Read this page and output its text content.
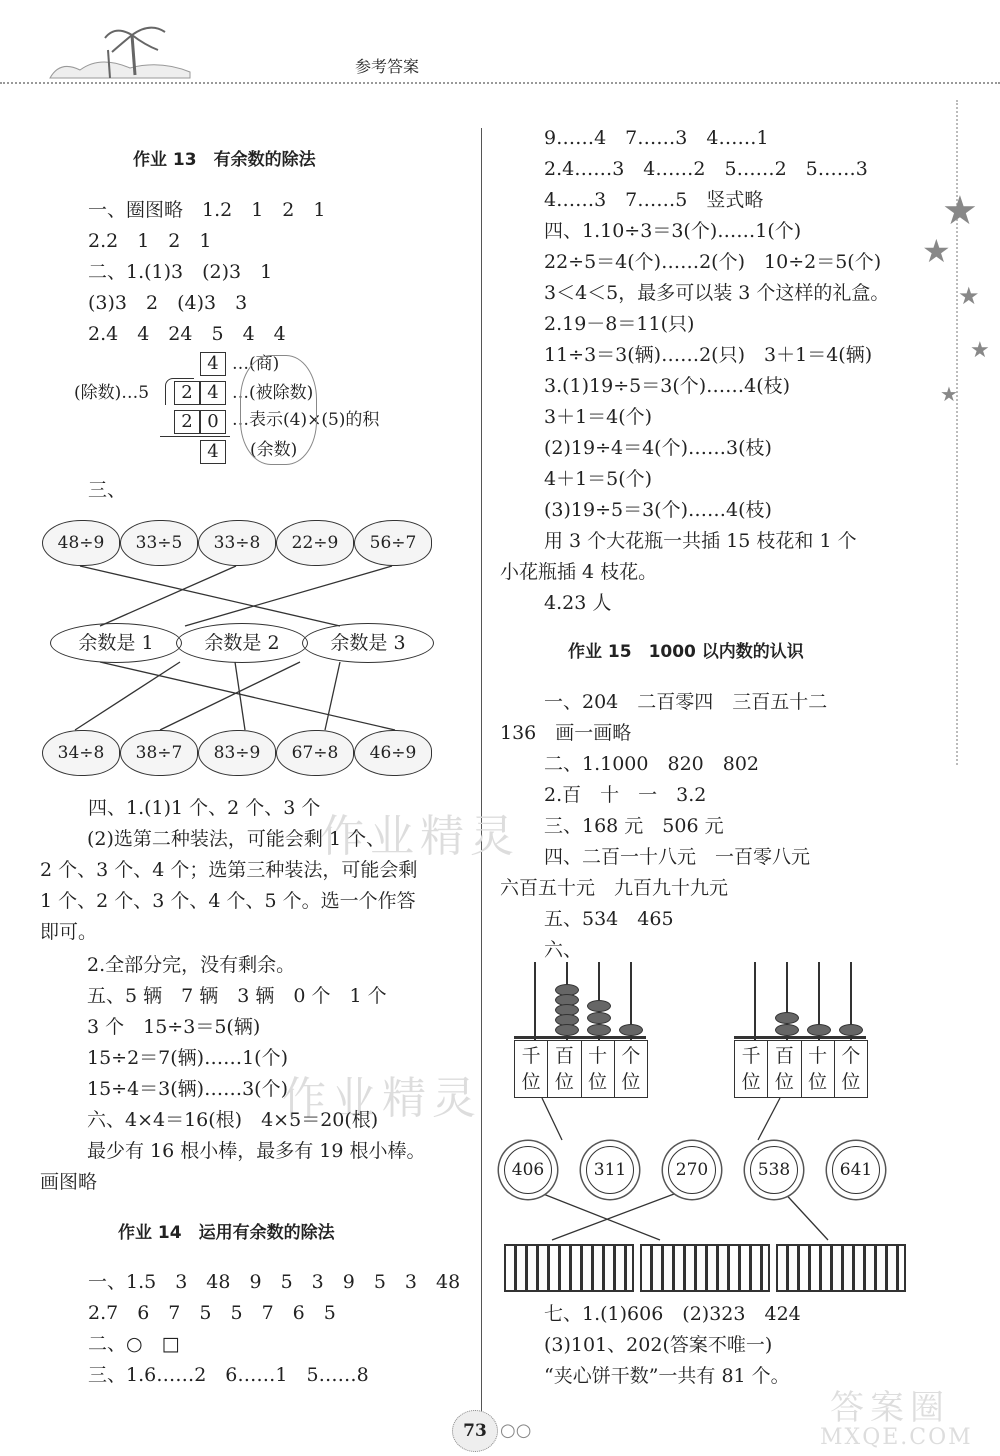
参考答案
★
★
★
★
★
作业精灵
作业精灵
答案圈
MXQE.COM
作业 13　有余数的除法
一、圈图略　1.2　1　2　1
2.2　1　2　1
二、1.(1)3　(2)3　1
(3)3　2　(4)3　3
2.4　4　24　5　4　4
4 …(商)
(除数)…5	2 4 …(被除数)
2 0 …表示(4)×(5)的积
4	(余数)
三、
48÷9	33÷5	33÷8	22÷9	56÷7
余数是 1	余数是 2	余数是 3
34÷8	38÷7	83÷9	67÷8	46÷9
四、1.(1)1 个、2 个、3 个
　(2)选第二种装法，可能会剩 1 个、
2 个、3 个、4 个；选第三种装法，可能会剩
1 个、2 个、3 个、4 个、5 个。选一个作答
即可。
　2.全部分完，没有剩余。
　五、5 辆　7 辆　3 辆　0 个　1 个
　3 个　15÷3＝5(辆)
　15÷2＝7(辆)……1(个)
　15÷4＝3(辆)……3(个)
　六、4×4＝16(根)　4×5＝20(根)
　最少有 16 根小棒，最多有 19 根小棒。
画图略
作业 14　运用有余数的除法
一、1.5　3　48　9　5　3　9　5　3　48
2.7　6　7　5　5　7　6　5
二、○　□
三、1.6……2　6……1　5……8
9……4　7……3　4……1
2.4……3　4……2　5……2　5……3
4……3　7……5　竖式略
四、1.10÷3＝3(个)……1(个)
22÷5＝4(个)……2(个)　10÷2＝5(个)
3＜4＜5，最多可以装 3 个这样的礼盒。
2.19－8＝11(只)
11÷3＝3(辆)……2(只)　3＋1＝4(辆)
3.(1)19÷5＝3(个)……4(枝)
3＋1＝4(个)
(2)19÷4＝4(个)……3(枝)
4＋1＝5(个)
(3)19÷5＝3(个)……4(枝)
用 3 个大花瓶一共插 15 枝花和 1 个
小花瓶插 4 枝花。
4.23 人
作业 15　1000 以内数的认识
一、204　二百零四　三百五十二
136　画一画略
二、1.1000　820　802
2.百　十　一　3.2
三、168 元　506 元
四、二百一十八元　一百零八元
六百五十元　九百九十九元
五、534　465
六、
千位
百位
十位
个位
千位
百位
十位
个位
406	311	270	538	641
七、1.(1)606　(2)323　424
(3)101、202(答案不唯一)
“夹心饼干数”一共有 81 个。
73 ○○
